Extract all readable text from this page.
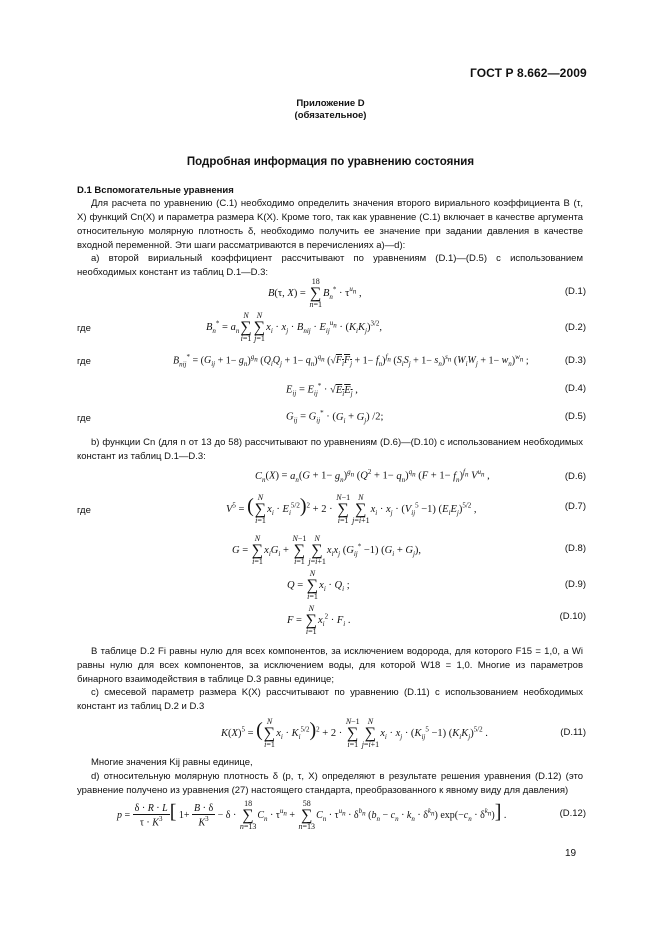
ГОСТ Р 8.662—2009
Приложение D
(обязательное)
Подробная информация по уравнению состояния
D.1 Вспомогательные уравнения
Для расчета по уравнению (C.1) необходимо определить значения второго вириального коэффициента B (τ, X) функций Cn(X) и параметра размера K(X). Кроме того, так как уравнение (C.1) включает в качестве аргумента относительную молярную плотность δ, необходимо получить ее значение при задании давления в качестве входной переменной. Эти шаги рассматриваются в перечислениях а)—d):
а) второй вириальный коэффициент рассчитывают по уравнениям (D.1)—(D.5) с использованием необходимых констант из таблиц D.1—D.3:
B(τ, X) = 18
∑
$n=1B_n^* \cdot \tau^{u_n}$ ,	(D.1)
где	$B_n^* = a_nN$
∑
i=1N
∑
$j=1x_i \cdot x_j \cdot B_{nij} \cdot E_{ij}^{u_n} \cdot (K_iK_j)^{3/2}$,	(D.2)
где	$B_{nij}^* = (G_{ij} + 1- g_n)^{g_n}$ $(Q_iQ_j + 1- q_n)^{q_n}$ $(√F_iF_j + 1- f_n)^{f_n}$ $(S_iS_j + 1- s_n)^{s_n}$ $(W_iW_j + 1- w_n)^{w_n}$ ;	(D.3)
$E_{ij} = E_{ij}^* \cdot √E_iE_j$ ,	(D.4)
где	$G_{ij} = G_{ij}^* \cdot (G_i + G_j)$ /2;	(D.5)
b) функции Cn (для n от 13 до 58) рассчитывают по уравнениям (D.6)—(D.10) с использованием необходимых констант из таблиц D.1—D.3:
$C_n(X) = a_n(G + 1- g_n)^{g_n}$ $(Q^2 + 1- q_n)^{q_n}$ $(F + 1- f_n)^{f_n}$ $V^{u_n}$ ,	(D.6)
где	$V^5$ = ( N
∑
$i=1x_i \cdot E_i^{5/2})^2 + 2 \cdot N-1$
∑
i=1N
∑
$j=i+1x_i \cdot x_j \cdot (V_{ij}^5 -1)$ $(E_iE_j)^{5/2}$ ,	(D.7)
G = N
∑
$i=1x_iG_i + N-1$
∑
i=1N
∑
$j=i+1x_ix_j$ $(G_{ij}^* -1) (G_i + G_j)$,	(D.8)
Q = N
∑
$i=1x_i \cdot Q_i$ ;	(D.9)
F = N
∑
$i=1x_i^2 \cdot F_i$ .	(D.10)
В таблице D.2 Fi равны нулю для всех компонентов, за исключением водорода, для которого F15 = 1,0, а Wi равны нулю для всех компонентов, за исключением воды, для которой W18 = 1,0. Многие из параметров бинарного взаимодействия в таблице D.3 равны единице;
с) смесевой параметр размера K(X) рассчитывают по уравнению (D.11) с использованием необходимых констант из таблиц D.2 и D.3
$K(X)^5$ = ( N
∑
$i=1x_i \cdot K_i^{5/2})^2 + 2 \cdot N-1$
∑
i=1N
∑
$j=i+1x_i \cdot x_j \cdot (K_{ij}^5 -1)$ $(K_iK_j)^{5/2}$ .	(D.11)
Многие значения Kij равны единице,
d) относительную молярную плотность δ (р, τ, X) определяют в результате решения уравнения (D.12) (это уравнение получено из уравнения (27) настоящего стандарта, преобразованного к явному виду для давления)
$p = \frac{\delta \cdot R \cdot L}{\tau \cdot K^3}$ [ $1+ \frac{B \cdot \delta}{K^3} - \delta \cdot 18$
∑
$n=13C_n \cdot \tau^{u_n} + 58$
∑
$n=13C_n \cdot \tau^{u_n} \cdot \delta^{b_n}$ $(b_n - c_n \cdot k_n \cdot \delta^{k_n}) \exp(-c_n \cdot \delta^{k_n})$] .	(D.12)
19
